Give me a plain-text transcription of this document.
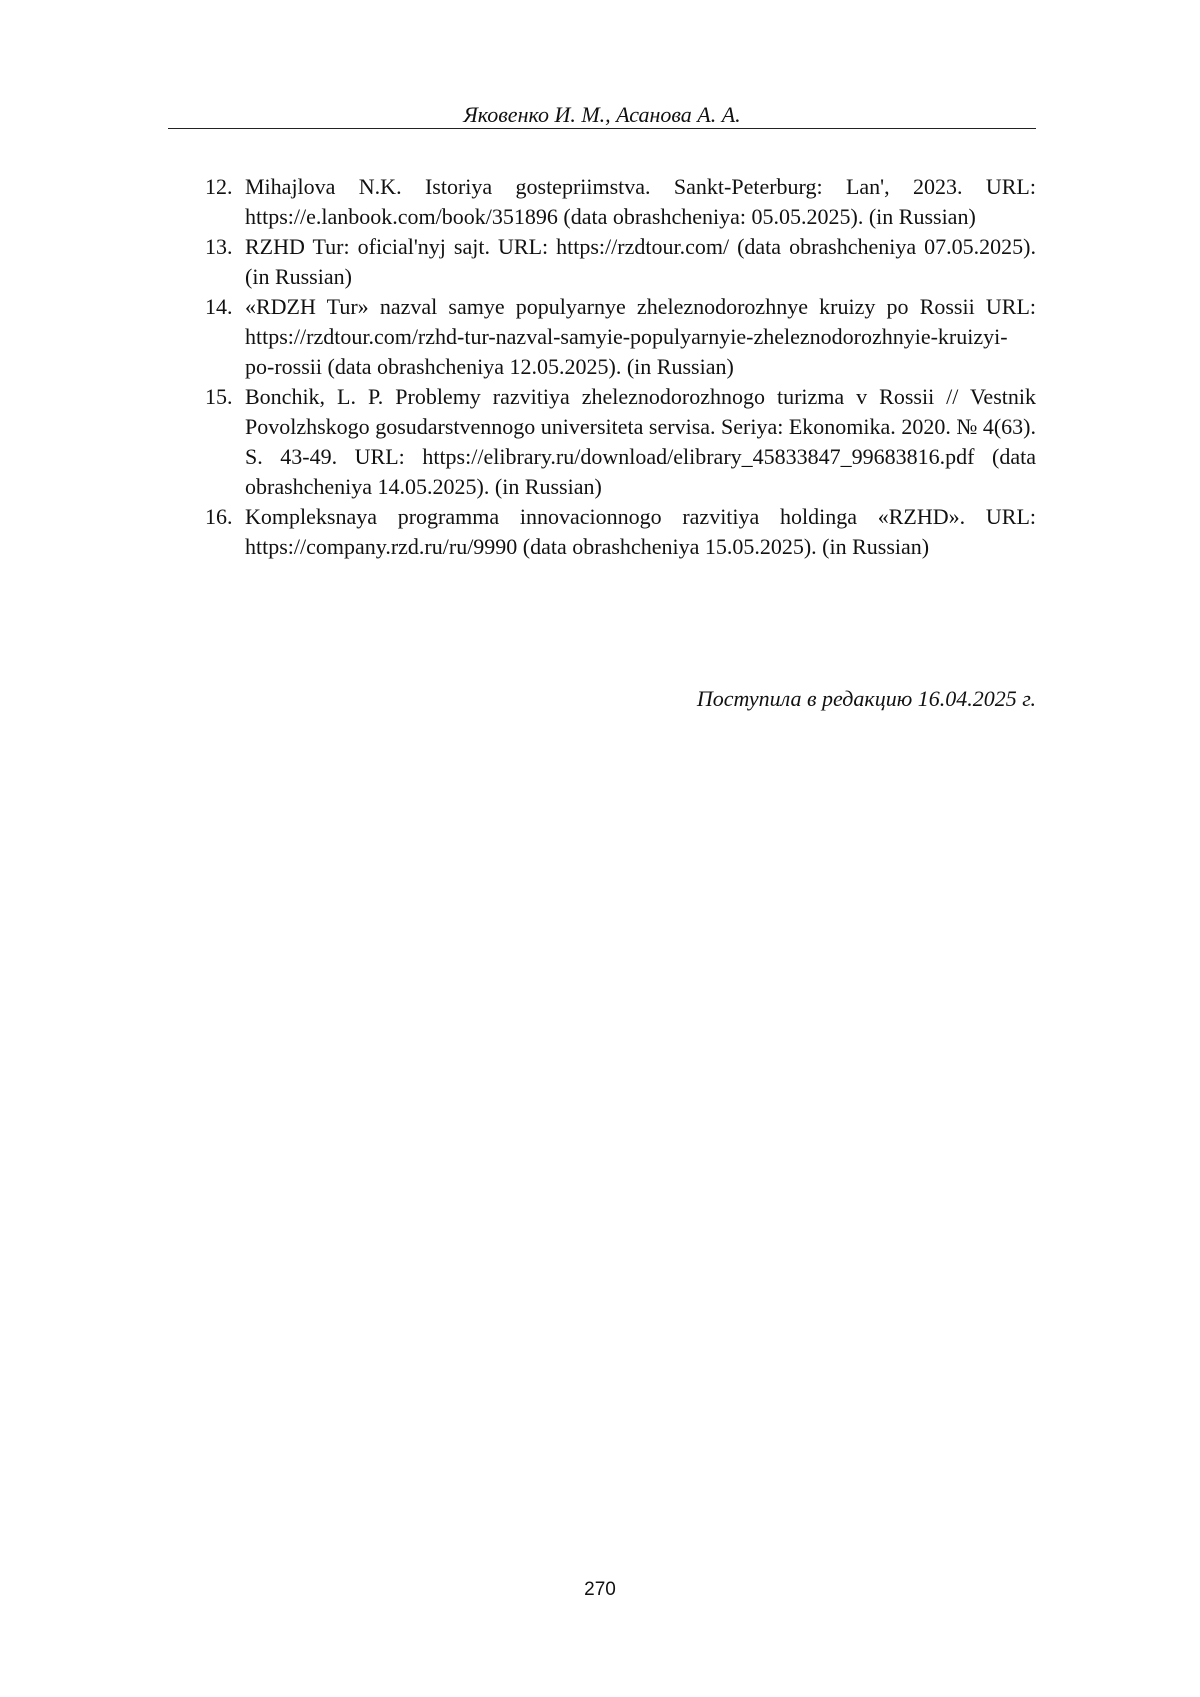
Яковенко И. М., Асанова А. А.
12. Mihajlova N.K. Istoriya gostepriimstva. Sankt-Peterburg: Lan', 2023. URL: https://e.lanbook.com/book/351896 (data obrashcheniya: 05.05.2025). (in Russian)
13. RZHD Tur: oficial'nyj sajt. URL: https://rzdtour.com/ (data obrashcheniya 07.05.2025). (in Russian)
14. «RDZH Tur» nazval samye populyarnye zheleznodorozhnye kruizy po Rossii URL: https://rzdtour.com/rzhd-tur-nazval-samyie-populyarnyie-zheleznodorozhnyie-kruizyi-po-rossii (data obrashcheniya 12.05.2025). (in Russian)
15. Bonchik, L. P. Problemy razvitiya zheleznodorozhnogo turizma v Rossii // Vestnik Povolzhskogo gosudarstvennogo universiteta servisa. Seriya: Ekonomika. 2020. № 4(63). S. 43-49. URL: https://elibrary.ru/download/elibrary_45833847_99683816.pdf (data obrashcheniya 14.05.2025). (in Russian)
16. Kompleksnaya programma innovacionnogo razvitiya holdinga «RZHD». URL: https://company.rzd.ru/ru/9990 (data obrashcheniya 15.05.2025). (in Russian)
Поступила в редакцию 16.04.2025 г.
270
